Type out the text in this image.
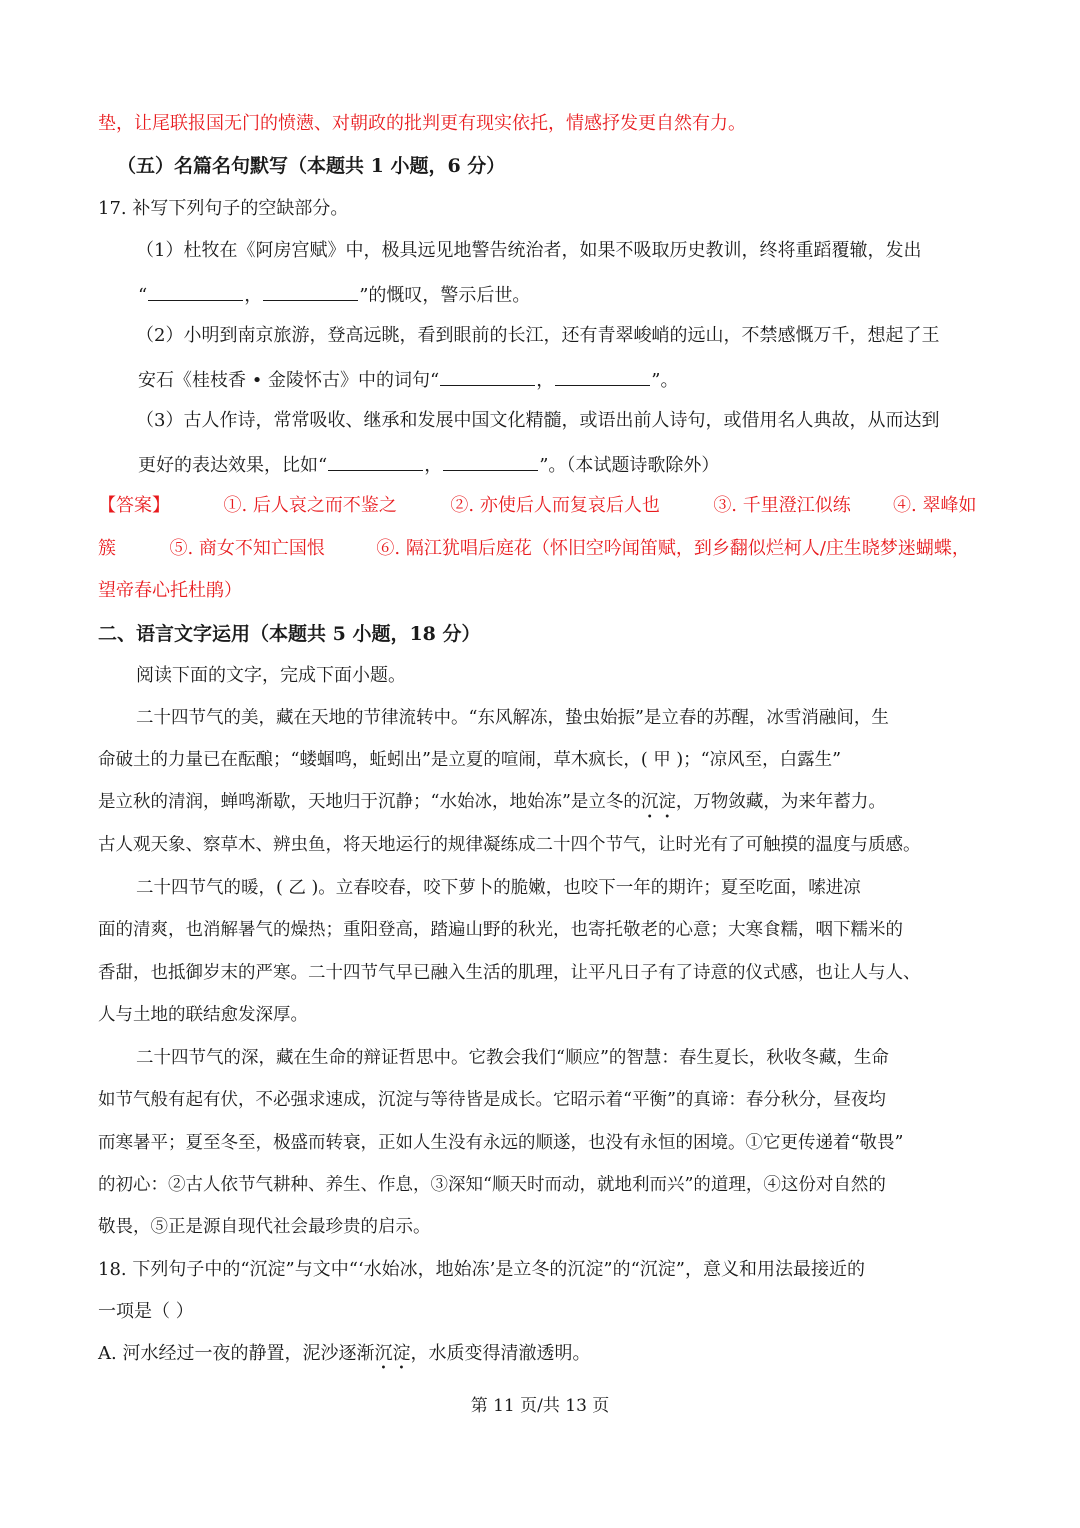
垫，让尾联报国无门的愤懑、对朝政的批判更有现实依托，情感抒发更自然有力。
（五）名篇名句默写（本题共 1 小题，6 分）
17. 补写下列句子的空缺部分。
（1）杜牧在《阿房宫赋》中，极具远见地警告统治者，如果不吸取历史教训，终将重蹈覆辙，发出
“	，	”的慨叹，警示后世。
（2）小明到南京旅游，登高远眺，看到眼前的长江，还有青翠峻峭的远山，不禁感慨万千，想起了王
安石《桂枝香 • 金陵怀古》中的词句“	，	”。
（3）古人作诗，常常吸收、继承和发展中国文化精髓，或语出前人诗句，或借用名人典故，从而达到
更好的表达效果，比如“	，	”。（本试题诗歌除外）
【答案】	①. 后人哀之而不鉴之	②. 亦使后人而复哀后人也	③. 千里澄江似练 ④. 翠峰如
簇	⑤. 商女不知亡国恨	⑥. 隔江犹唱后庭花（怀旧空吟闻笛赋，到乡翻似烂柯人/庄生晓梦迷蝴蝶，
望帝春心托杜鹃）
二、语言文字运用（本题共 5 小题，18 分）
阅读下面的文字，完成下面小题。
二十四节气的美，藏在天地的节律流转中。“东风解冻，蛰虫始振”是立春的苏醒，冰雪消融间，生
命破土的力量已在酝酿；“蝼蝈鸣，蚯蚓出”是立夏的喧闹，草木疯长，( 甲 )；“凉风至，白露生”
是立秋的清润，蝉鸣渐歇，天地归于沉静；“水始冰，地始冻”是立冬的沉淀，万物敛藏，为来年蓄力。
古人观天象、察草木、辨虫鱼，将天地运行的规律凝练成二十四个节气，让时光有了可触摸的温度与质感。
二十四节气的暖，( 乙 )。立春咬春，咬下萝卜的脆嫩，也咬下一年的期许；夏至吃面，嗦进凉
面的清爽，也消解暑气的燥热；重阳登高，踏遍山野的秋光，也寄托敬老的心意；大寒食糯，咽下糯米的
香甜，也抵御岁末的严寒。二十四节气早已融入生活的肌理，让平凡日子有了诗意的仪式感，也让人与人、
人与土地的联结愈发深厚。
二十四节气的深，藏在生命的辩证哲思中。它教会我们“顺应”的智慧：春生夏长，秋收冬藏，生命
如节气般有起有伏，不必强求速成，沉淀与等待皆是成长。它昭示着“平衡”的真谛：春分秋分，昼夜均
而寒暑平；夏至冬至，极盛而转衰，正如人生没有永远的顺遂，也没有永恒的困境。①它更传递着“敬畏”
的初心：②古人依节气耕种、养生、作息，③深知“顺天时而动，就地利而兴”的道理，④这份对自然的
敬畏，⑤正是源自现代社会最珍贵的启示。
18. 下列句子中的“沉淀”与文中“‘水始冰，地始冻’是立冬的沉淀”的“沉淀”，意义和用法最接近的
一项是（ ）
A. 河水经过一夜的静置，泥沙逐渐沉淀，水质变得清澈透明。
第 11 页/共 13 页
